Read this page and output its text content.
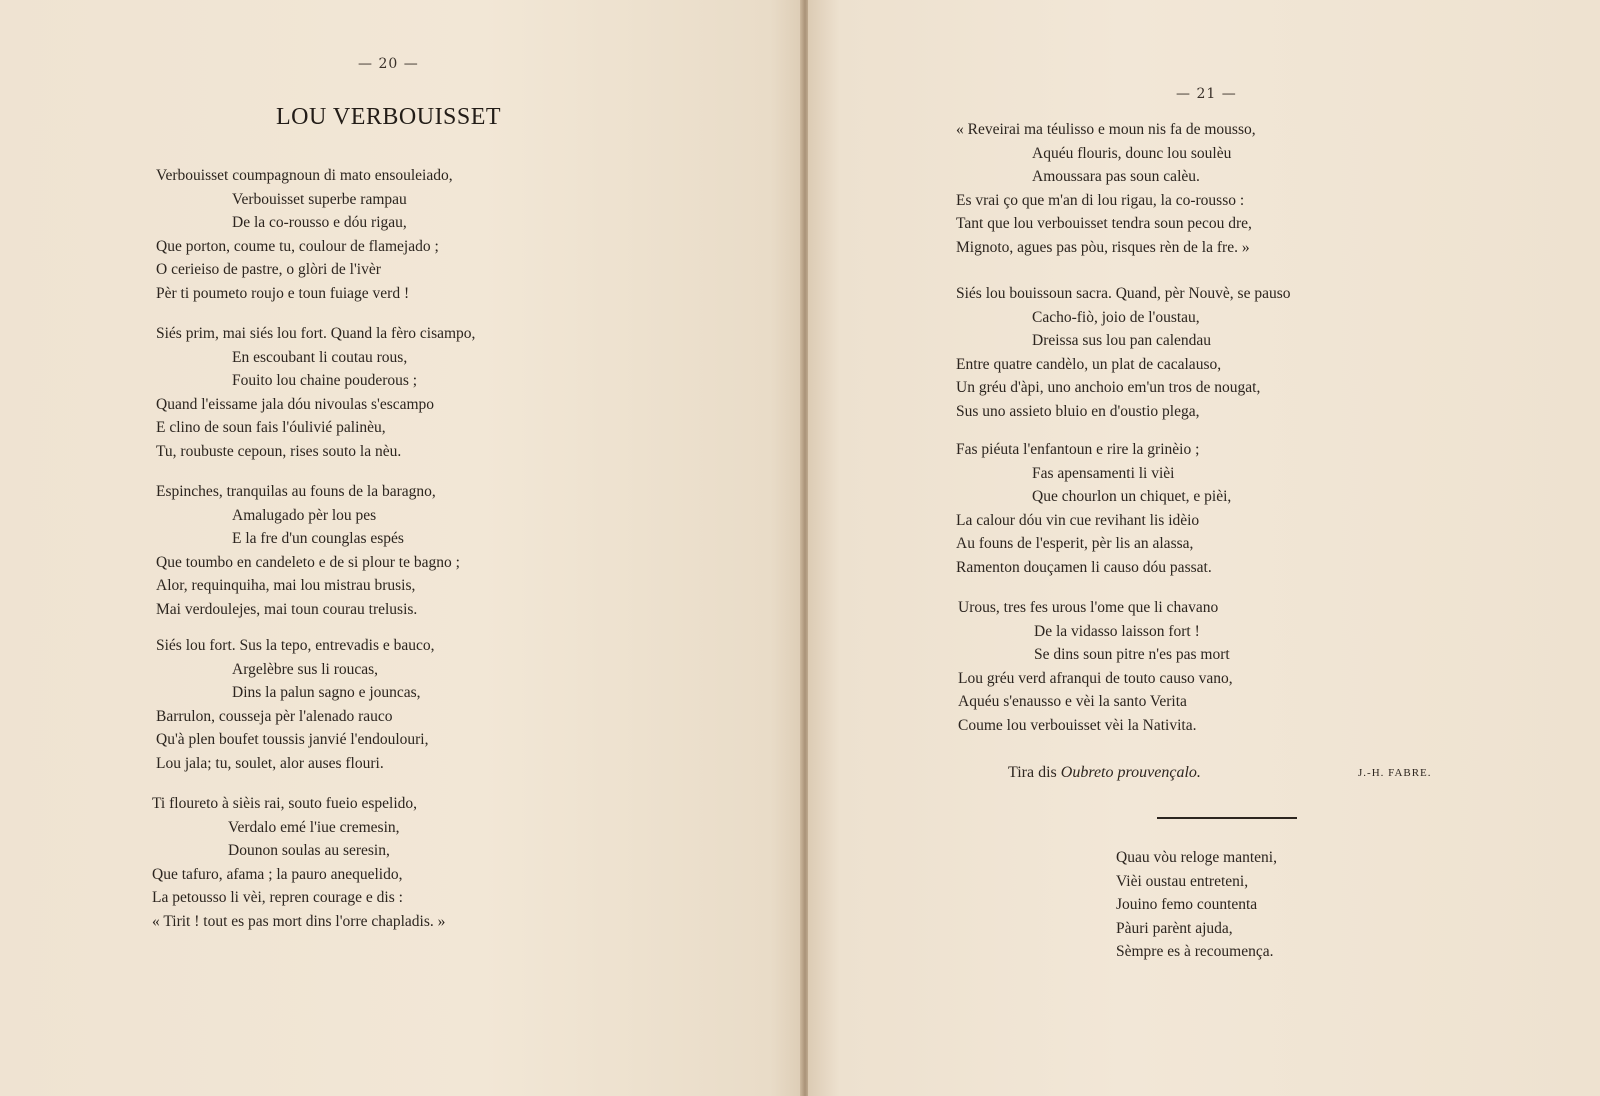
— 20 —
LOU VERBOUISSET
Verbouisset coumpagnoun di mato ensouleiado,
Verbouisset superbe rampau
De la co-rousso e dóu rigau,
Que porton, coume tu, coulour de flamejado ;
O cerieiso de pastre, o glòri de l'ivèr
Pèr ti poumeto roujo e toun fuiage verd !
Siés prim, mai siés lou fort. Quand la fèro cisampo,
En escoubant li coutau rous,
Fouito lou chaine pouderous ;
Quand l'eissame jala dóu nivoulas s'escampo
E clino de soun fais l'óulivié palinèu,
Tu, roubuste cepoun, rises souto la nèu.
Espinches, tranquilas au founs de la baragno,
Amalugado pèr lou pes
E la fre d'un counglas espés
Que toumbo en candeleto e de si plour te bagno ;
Alor, requinquiha, mai lou mistrau brusis,
Mai verdoulejes, mai toun courau trelusis.
Siés lou fort. Sus la tepo, entrevadis e bauco,
Argelèbre sus li roucas,
Dins la palun sagno e jouncas,
Barrulon, cousseja pèr l'alenado rauco
Qu'à plen boufet toussis janvié l'endoulouri,
Lou jala; tu, soulet, alor auses flouri.
Ti floureto à sièis rai, souto fueio espelido,
Verdalo emé l'iue cremesin,
Dounon soulas au seresin,
Que tafuro, afama ; la pauro anequelido,
La petousso li vèi, repren courage e dis :
« Tirit ! tout es pas mort dins l'orre chapladis. »
— 21 —
« Reveirai ma téulisso e moun nis fa de mousso,
Aquéu flouris, dounc lou soulèu
Amoussara pas soun calèu.
Es vrai ço que m'an di lou rigau, la co-rousso :
Tant que lou verbouisset tendra soun pecou dre,
Mignoto, agues pas pòu, risques rèn de la fre. »
Siés lou bouissoun sacra. Quand, pèr Nouvè, se pauso
Cacho-fiò, joio de l'oustau,
Dreissa sus lou pan calendau
Entre quatre candèlo, un plat de cacalauso,
Un gréu d'àpi, uno anchoio em'un tros de nougat,
Sus uno assieto bluio en d'oustio plega,
Fas piéuta l'enfantoun e rire la grinèio ;
Fas apensamenti li vièi
Que chourlon un chiquet, e pièi,
La calour dóu vin cue revihant lis idèio
Au founs de l'esperit, pèr lis an alassa,
Ramenton douçamen li causo dóu passat.
Urous, tres fes urous l'ome que li chavano
De la vidasso laisson fort !
Se dins soun pitre n'es pas mort
Lou gréu verd afranqui de touto causo vano,
Aquéu s'enausso e vèi la santo Verita
Coume lou verbouisset vèi la Nativita.
Tira dis Oubreto prouvençalo.	J.-H. FABRE.
Quau vòu reloge manteni,
Vièi oustau entreteni,
Jouino femo countenta
Pàuri parènt ajuda,
Sèmpre es à recoumença.
